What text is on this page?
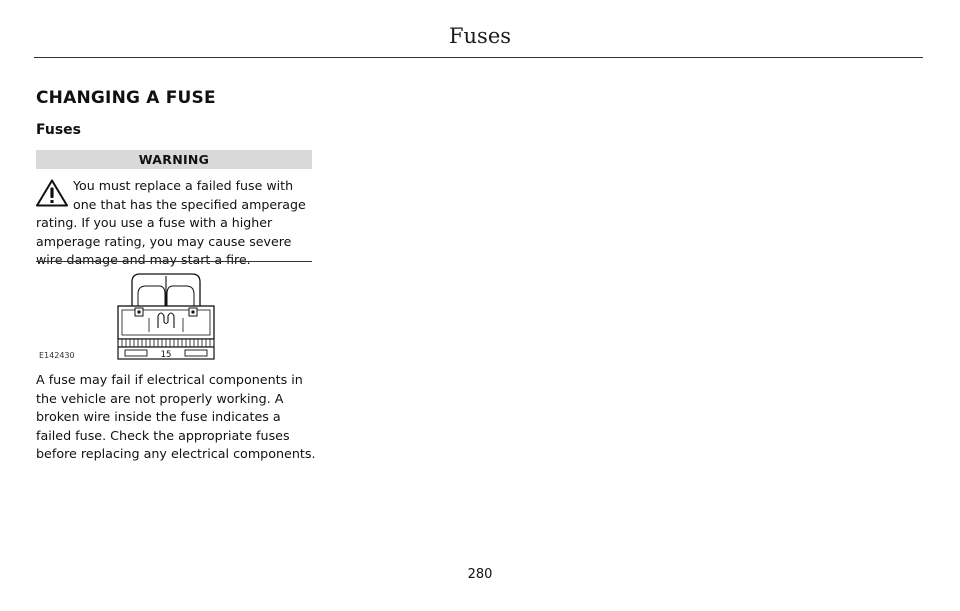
Fuses
CHANGING A FUSE
Fuses
WARNING
You must replace a failed fuse with one that has the specified amperage rating. If you use a fuse with a higher amperage rating, you may cause severe wire damage and may start a fire.
15
E142430

A fuse may fail if electrical components in the vehicle are not properly working. A broken wire inside the fuse indicates a failed fuse. Check the appropriate fuses before replacing any electrical components.

280
